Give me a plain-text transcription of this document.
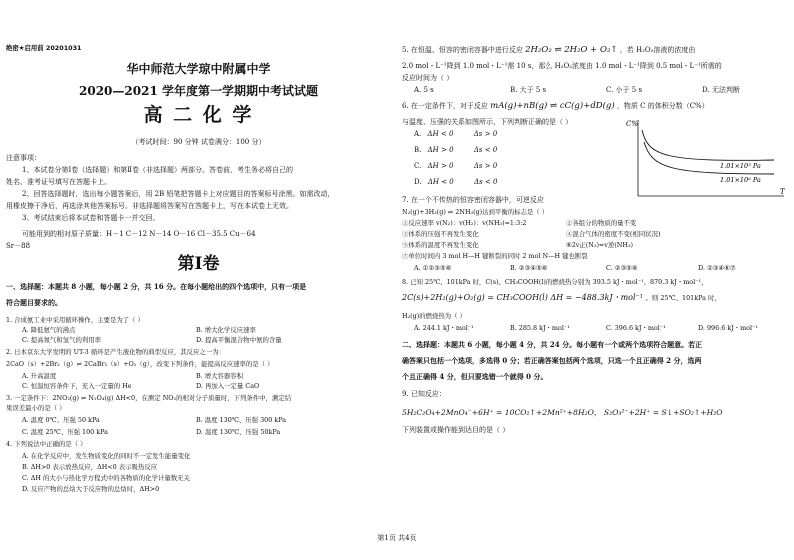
绝密★启用前 20201031
华中师范大学琼中附属中学
2020—2021 学年度第一学期期中考试试题
高 二 化 学
（考试时间：90 分钟 试卷满分：100 分）
注意事项：
1、本试卷分第Ⅰ卷（选择题）和第Ⅱ卷（非选择题）两部分。答卷前，考生务必将自己的
姓名、准考证号填写在答题卡上。
2、回答选择题时，选出每小题答案后，用 2B 铅笔把答题卡上对应题目的答案标号涂黑。如需改动，
用橡皮擦干净后，再选涂其他答案标号。非选择题将答案写在答题卡上，写在本试卷上无效。
3、考试结束后将本试卷和答题卡一并交回。
可能用到的相对原子质量：H－1 C－12 N－14 O－16 Cl－35.5 Cu－64
Sr－88
第Ⅰ卷
一、选择题：本题共 8 小题，每小题 2 分，共 16 分。在每小题给出的四个选项中，只有一项是
符合题目要求的。
1. 合成氨工业中采用循环操作，主要是为了（ ）
A. 降低氨气的沸点	B. 增大化学反应速率
C. 提高氮气和氢气的利用率	D. 提高平衡混合物中氨的含量
2. 日本京东大学发明的 UT-3 循环是产生液化物的典型反应，其反应之一为：
2CaO（s）+2Br₂（g）⇌ 2CaBr₂（s）+O₂（g），改变下列条件，能提高反应速率的是（ ）
A. 升高温度	B. 增大容器容积
C. 恒温恒容条件下，充入一定量的 He	D. 再加入一定量 CaO
3. 一定条件下：2NO₂(g) ⇌ N₂O₄(g) ΔH<0，在测定 NO₂的相对分子质量时，下列条件中，测定结
果误差最小的是（ ）
A. 温度 0℃、压强 50 kPa	B. 温度 130℃、压强 300 kPa
C. 温度 25℃、压强 100 kPa	D. 温度 130℃、压强 50kPa
4. 下列说法中正确的是（ ）
A. 在化学反应中，发生物质变化的同时不一定发生能量变化
B. ΔH>0 表示放热反应，ΔH<0 表示吸热反应
C. ΔH 的大小与热化学方程式中的各物质的化学计量数无关
D. 反应产物的总焓大于反应物的总焓时，ΔH>0
5. 在恒温、恒容的密闭容器中进行反应 2H₂O₂ ⇌ 2H₂O + O₂↑ ，若 H₂O₂溶液的浓度由
2.0 mol・L⁻¹降到 1.0 mol・L⁻¹需 10 s，那么 H₂O₂浓度由 1.0 mol・L⁻¹降到 0.5 mol・L⁻¹所需的
反应时间为（ ）
A. 5 s	B. 大于 5 s	C. 小于 5 s	D. 无法判断
6. 在一定条件下，对于反应 mA(g)+nB(g) ⇌ cC(g)+dD(g) ，物质 C 的体积分数（C%）
与温度、压强的关系如图所示，下列判断正确的是（ ）
A. ΔH < 0	Δs > 0
B. ΔH > 0	Δs < 0
C. ΔH > 0	Δs > 0
D. ΔH < 0	Δs < 0
C%
T
1.01×10⁵ Pa
1.01×10⁶ Pa
7. 在一个不传热的恒容密闭容器中，可逆反应
N₂(g)+3H₂(g) ⇌ 2NH₃(g)达到平衡的标志是（ ）
①反应速率 v(N₂)：v(H₂)：v(NH₃)=1:3:2	②各组分的物质的量不变
③体系的压强不再发生变化	④混合气体的密度不变(相同状况)
⑤体系的温度不再发生变化	⑥2v正(N₂)=v逆(NH₃)
⑦单位时间内 3 mol H—H 键断裂的同时 2 mol N—H 键也断裂
A. ①②③⑤⑥	B. ②③④⑤⑥	C. ②③⑤⑥	D. ②③④⑥⑦
8. 已知 25℃、101kPa 时，C(s)、CH₃COOH(l)的燃烧热分别为 393.5 kJ・mol⁻¹、870.3 kJ・mol⁻¹，
2C(s)+2H₂(g)+O₂(g) = CH₃COOH(l) ΔH = −488.3kJ・mol⁻¹ 。则 25℃、101kPa 时，
H₂(g)的燃烧热为（ ）
A. 244.1 kJ・mol⁻¹	B. 285.8 kJ・mol⁻¹	C. 396.6 kJ・mol⁻¹	D. 996.6 kJ・mol⁻¹
二、选择题：本题共 6 小题，每小题 4 分，共 24 分。每小题有一个或两个选项符合题意。若正
确答案只包括一个选项，多选得 0 分；若正确答案包括两个选项，只选一个且正确得 2 分，选两
个且正确得 4 分，但只要选错一个就得 0 分。
9. 已知反应：
5H₂C₂O₄+2MnO₄⁻+6H⁺ = 10CO₂↑+2Mn²⁺+8H₂O， S₂O₃²⁻+2H⁺ = S↓+SO₂↑+H₂O
下列装置或操作能到达目的是（ ）
第1页 共4页
